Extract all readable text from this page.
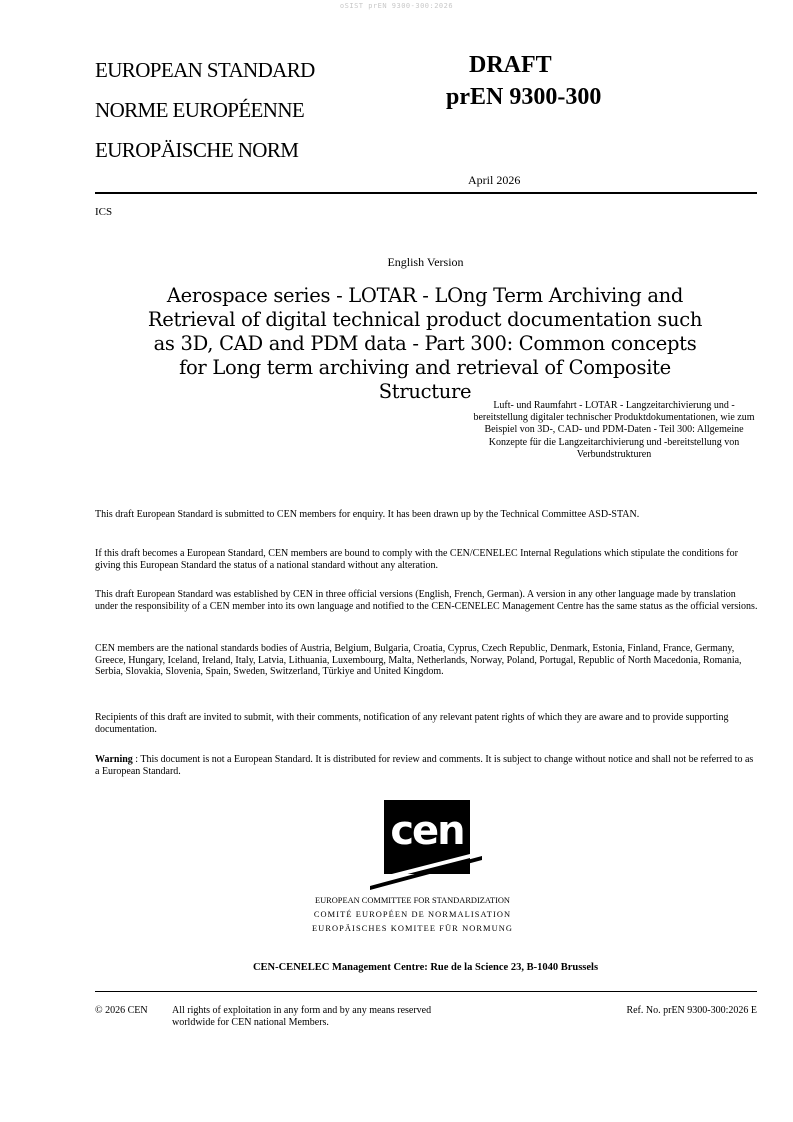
oSIST prEN 9300-300:2026
EUROPEAN STANDARD
NORME EUROPÉENNE
EUROPÄISCHE NORM
DRAFT
prEN 9300-300
April 2026
ICS
English Version
Aerospace series - LOTAR - LOng Term Archiving and Retrieval of digital technical product documentation such as 3D, CAD and PDM data - Part 300: Common concepts for Long term archiving and retrieval of Composite Structure
Luft- und Raumfahrt - LOTAR - Langzeitarchivierung und -bereitstellung digitaler technischer Produktdokumentationen, wie zum Beispiel von 3D-, CAD- und PDM-Daten - Teil 300: Allgemeine Konzepte für die Langzeitarchivierung und -bereitstellung von Verbundstrukturen

This draft European Standard is submitted to CEN members for enquiry. It has been drawn up by the Technical Committee ASD-STAN.

If this draft becomes a European Standard, CEN members are bound to comply with the CEN/CENELEC Internal Regulations which stipulate the conditions for giving this European Standard the status of a national standard without any alteration.

This draft European Standard was established by CEN in three official versions (English, French, German). A version in any other language made by translation under the responsibility of a CEN member into its own language and notified to the CEN-CENELEC Management Centre has the same status as the official versions.

CEN members are the national standards bodies of Austria, Belgium, Bulgaria, Croatia, Cyprus, Czech Republic, Denmark, Estonia, Finland, France, Germany, Greece, Hungary, Iceland, Ireland, Italy, Latvia, Lithuania, Luxembourg, Malta, Netherlands, Norway, Poland, Portugal, Republic of North Macedonia, Romania, Serbia, Slovakia, Slovenia, Spain, Sweden, Switzerland, Türkiye and United Kingdom.

Recipients of this draft are invited to submit, with their comments, notification of any relevant patent rights of which they are aware and to provide supporting documentation.

Warning : This document is not a European Standard. It is distributed for review and comments. It is subject to change without notice and shall not be referred to as a European Standard.

cen
EUROPEAN COMMITTEE FOR STANDARDIZATION
COMITÉ EUROPÉEN DE NORMALISATION
EUROPÄISCHES KOMITEE FÜR NORMUNG
CEN-CENELEC Management Centre: Rue de la Science 23, B-1040 Brussels
© 2026 CEN All rights of exploitation in any form and by any means reserved
worldwide for CEN national Members.
Ref. No. prEN 9300-300:2026 E
